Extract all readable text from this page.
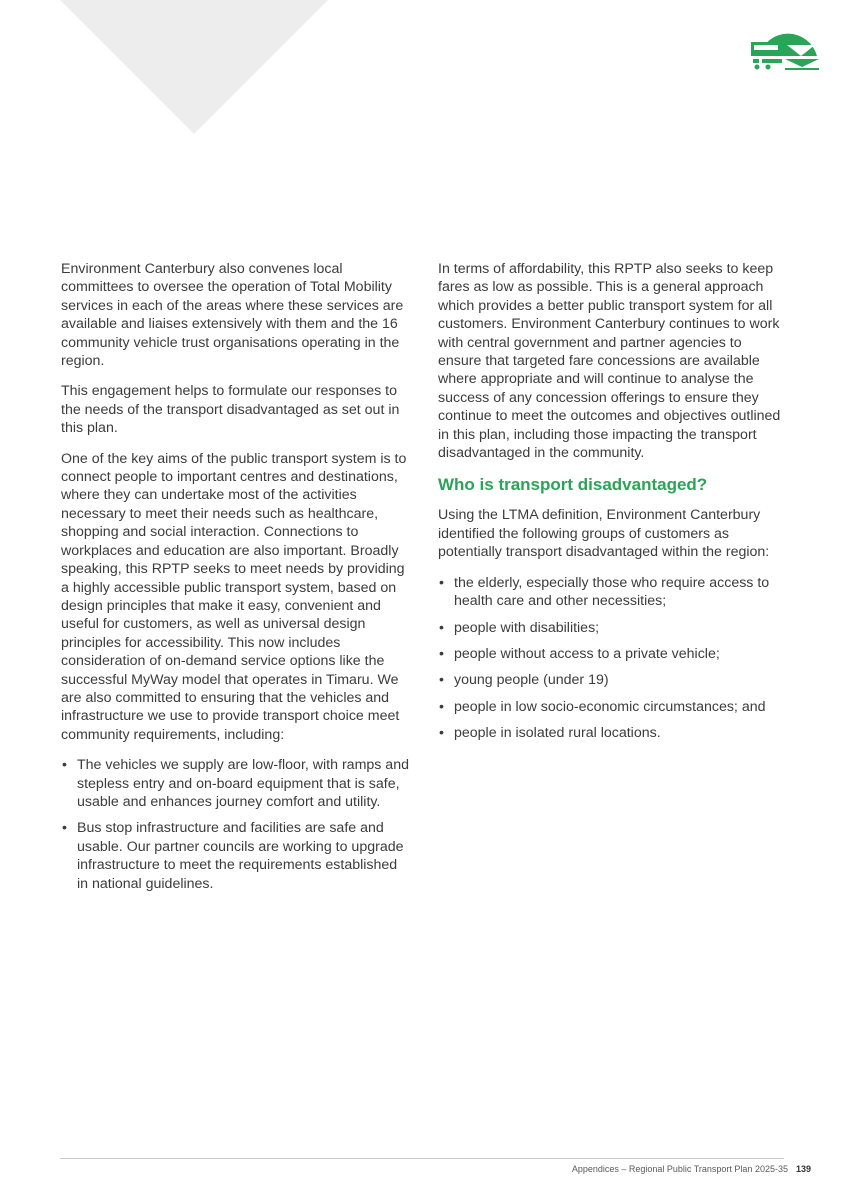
Environment Canterbury also convenes local committees to oversee the operation of Total Mobility services in each of the areas where these services are available and liaises extensively with them and the 16 community vehicle trust organisations operating in the region.

This engagement helps to formulate our responses to the needs of the transport disadvantaged as set out in this plan.

One of the key aims of the public transport system is to connect people to important centres and destinations, where they can undertake most of the activities necessary to meet their needs such as healthcare, shopping and social interaction. Connections to workplaces and education are also important. Broadly speaking, this RPTP seeks to meet needs by providing a highly accessible public transport system, based on design principles that make it easy, convenient and useful for customers, as well as universal design principles for accessibility. This now includes consideration of on-demand service options like the successful MyWay model that operates in Timaru. We are also committed to ensuring that the vehicles and infrastructure we use to provide transport choice meet community requirements, including:

• The vehicles we supply are low-floor, with ramps and stepless entry and on-board equipment that is safe, usable and enhances journey comfort and utility.
• Bus stop infrastructure and facilities are safe and usable. Our partner councils are working to upgrade infrastructure to meet the requirements established in national guidelines.

In terms of affordability, this RPTP also seeks to keep fares as low as possible. This is a general approach which provides a better public transport system for all customers. Environment Canterbury continues to work with central government and partner agencies to ensure that targeted fare concessions are available where appropriate and will continue to analyse the success of any concession offerings to ensure they continue to meet the outcomes and objectives outlined in this plan, including those impacting the transport disadvantaged in the community.

Who is transport disadvantaged?

Using the LTMA definition, Environment Canterbury identified the following groups of customers as potentially transport disadvantaged within the region:

• the elderly, especially those who require access to health care and other necessities;
• people with disabilities;
• people without access to a private vehicle;
• young people (under 19)
• people in low socio-economic circumstances; and
• people in isolated rural locations.
Appendices – Regional Public Transport Plan 2025-35 139
